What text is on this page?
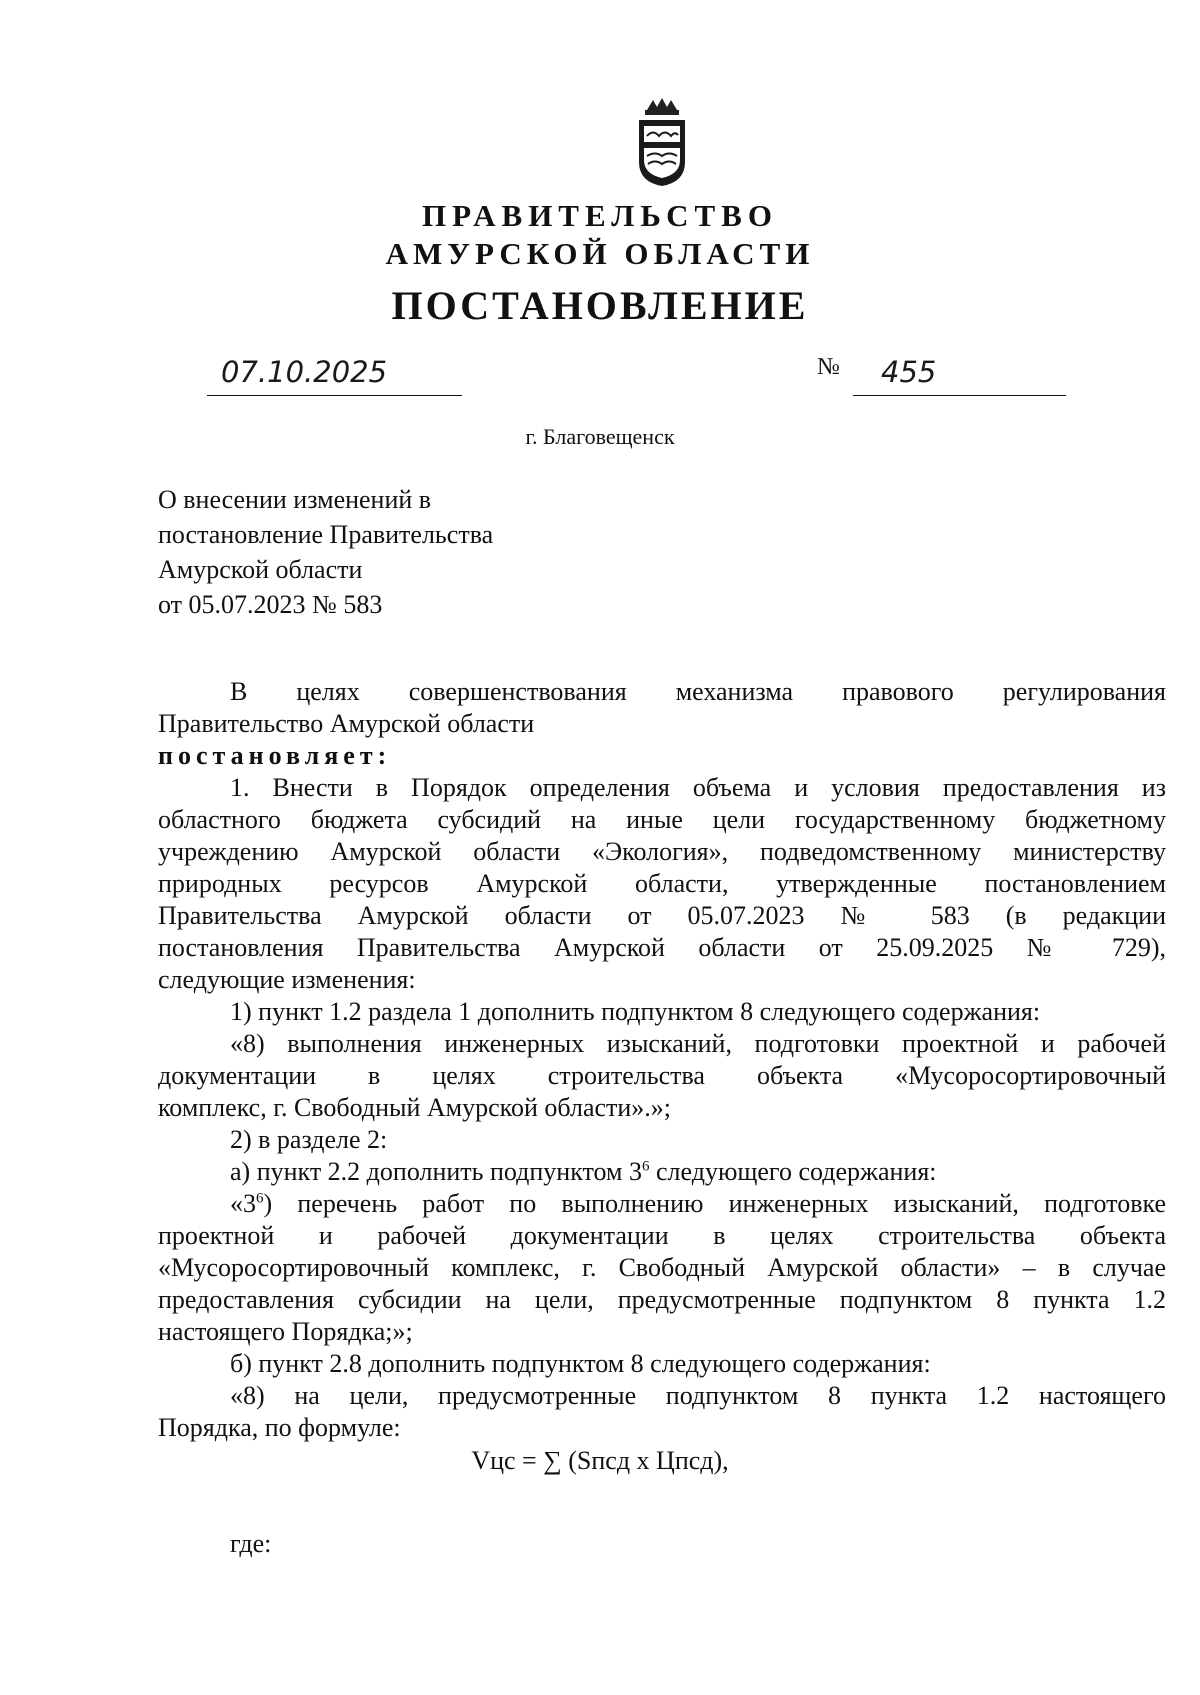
ПРАВИТЕЛЬСТВО
АМУРСКОЙ ОБЛАСТИ
ПОСТАНОВЛЕНИЕ
07.10.2025	№ 455
г. Благовещенск
О внесении изменений в
постановление Правительства
Амурской области
от 05.07.2023 № 583
В целях совершенствования механизма правового регулирования
Правительство Амурской области
постановляет:
1. Внести в Порядок определения объема и условия предоставления из
областного бюджета субсидий на иные цели государственному бюджетному
учреждению Амурской области «Экология», подведомственному министерству
природных ресурсов Амурской области, утвержденные постановлением
Правительства Амурской области от 05.07.2023 № 583 (в редакции
постановления Правительства Амурской области от 25.09.2025 № 729),
следующие изменения:
1) пункт 1.2 раздела 1 дополнить подпунктом 8 следующего содержания:
«8) выполнения инженерных изысканий, подготовки проектной и рабочей
документации в целях строительства объекта «Мусоросортировочный
комплекс, г. Свободный Амурской области».»;
2) в разделе 2:
а) пункт 2.2 дополнить подпунктом $3^6$ следующего содержания:
«$3^6$) перечень работ по выполнению инженерных изысканий, подготовке
проектной и рабочей документации в целях строительства объекта
«Мусоросортировочный комплекс, г. Свободный Амурской области» – в случае
предоставления субсидии на цели, предусмотренные подпунктом 8 пункта 1.2
настоящего Порядка;»;
б) пункт 2.8 дополнить подпунктом 8 следующего содержания:
«8) на цели, предусмотренные подпунктом 8 пункта 1.2 настоящего
Порядка, по формуле:
Vцс = ∑ (Sпсд х Цпсд),
где:
